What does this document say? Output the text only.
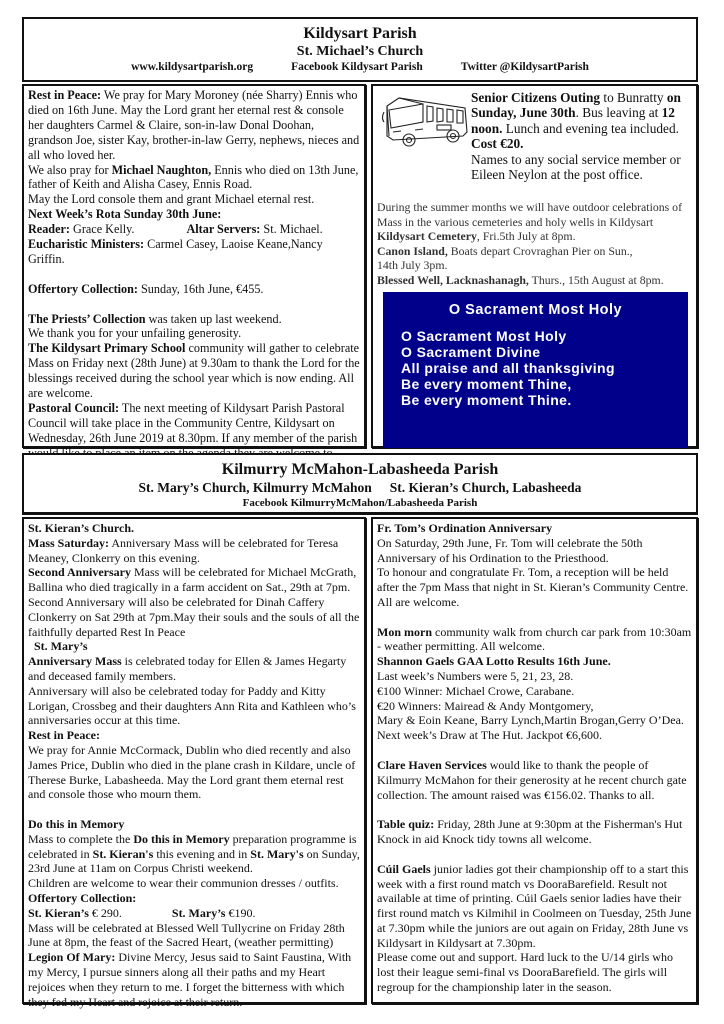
Kildysart Parish
St. Michael’s Church
www.kildysartparish.org	Facebook Kildysart Parish	Twitter @KildysartParish

Rest in Peace: We pray for Mary Moroney (née Sharry) Ennis who died on 16th June. May the Lord grant her eternal rest & console her daughters Carmel & Claire, son-in-law Donal Doohan, grandson Joe, sister Kay, brother-in-law Gerry, nephews, nieces and all who loved her.

We also pray for Michael Naughton, Ennis who died on 13th June, father of Keith and Alisha Casey, Ennis Road.

May the Lord console them and grant Michael eternal rest.

Next Week’s Rota Sunday 30th June:

Reader: Grace Kelly.	Altar Servers: St. Michael.

Eucharistic Ministers: Carmel Casey, Laoise Keane,Nancy Griffin.

Offertory Collection: Sunday, 16th June, €455.

The Priests’ Collection was taken up last weekend.

We thank you for your unfailing generosity.

The Kildysart Primary School community will gather to celebrate Mass on Friday next (28th June) at 9.30am to thank the Lord for the blessings received during the school year which is now ending. All are welcome.

Pastoral Council: The next meeting of Kildysart Parish Pastoral Council will take place in the Community Centre, Kildysart on Wednesday, 26th June 2019 at 8.30pm. If any member of the parish

Senior Citizens Outing to Bunratty on Sunday, June 30th. Bus leaving at 12 noon. Lunch and evening tea included. Cost €20.
Names to any social service member or Eileen Neylon at the post office.

During the summer months we will have outdoor celebrations of Mass in the various cemeteries and holy wells in Kildysart

Kildysart Cemetery, Fri.5th July at 8pm.

Canon Island, Boats depart Crovraghan Pier on Sun., 14th July 3pm.

Blessed Well, Lacknashanagh, Thurs., 15th August at 8pm.

O Sacrament Most Holy
O Sacrament Most Holy
O Sacrament Divine
All praise and all thanksgiving
Be every moment Thine,
Be every moment Thine.
Kilmurry McMahon-Labasheeda Parish
St. Mary’s Church, Kilmurry McMahon St. Kieran’s Church, Labasheeda
Facebook KilmurryMcMahon/Labasheeda Parish

St. Kieran’s Church.

Mass Saturday: Anniversary Mass will be celebrated for Teresa Meaney, Clonkerry on this evening.

Second Anniversary Mass will be celebrated for Michael McGrath, Ballina who died tragically in a farm accident on Sat., 29th at 7pm. Second Anniversary will also be celebrated for Dinah Caffery Clonkerry on Sat 29th at 7pm.May their souls and the souls of all the faithfully departed Rest In Peace

St. Mary’s

Anniversary Mass is celebrated today for Ellen & James Hegarty and deceased family members.

Anniversary will also be celebrated today for Paddy and Kitty Lorigan, Crossbeg and their daughters Ann Rita and Kathleen who’s anniversaries occur at this time.

Rest in Peace:

We pray for Annie McCormack, Dublin who died recently and also James Price, Dublin who died in the plane crash in Kildare, uncle of Therese Burke, Labasheeda. May the Lord grant them eternal rest and console those who mourn them.

Do this in Memory

Mass to complete the Do this in Memory preparation programme is celebrated in St. Kieran's this evening and in St. Mary's on Sunday, 23rd June at 11am on Corpus Christi weekend.

Children are welcome to wear their communion dresses / outfits.

Offertory Collection:

St. Kieran’s € 290.	St. Mary’s €190.

Mass will be celebrated at Blessed Well Tullycrine on Friday 28th June at 8pm, the feast of the Sacred Heart, (weather permitting)

Legion Of Mary: Divine Mercy, Jesus said to Saint Faustina, With my Mercy, I pursue sinners along all their paths and my Heart rejoices when they return to me. I forget the bitterness with which they fed my Heart and rejoice at their return.

Fr. Tom’s Ordination Anniversary

On Saturday, 29th June, Fr. Tom will celebrate the 50th Anniversary of his Ordination to the Priesthood.

To honour and congratulate Fr. Tom, a reception will be held after the 7pm Mass that night in St. Kieran’s Community Centre. All are welcome.

Mon morn community walk from church car park from 10:30am - weather permitting. All welcome.

Shannon Gaels GAA Lotto Results 16th June.

Last week’s Numbers were 5, 21, 23, 28.

€100 Winner: Michael Crowe, Carabane.

€20 Winners: Mairead & Andy Montgomery,

Mary & Eoin Keane, Barry Lynch,Martin Brogan,Gerry O’Dea.

Next week’s Draw at The Hut. Jackpot €6,600.

Clare Haven Services would like to thank the people of Kilmurry McMahon for their generosity at he recent church gate collection. The amount raised was €156.02. Thanks to all.

Table quiz: Friday, 28th June at 9:30pm at the Fisherman's Hut Knock in aid Knock tidy towns all welcome.

Cúil Gaels junior ladies got their championship off to a start this week with a first round match vs DooraBarefield. Result not available at time of printing. Cúil Gaels senior ladies have their first round match vs Kilmihil in Coolmeen on Tuesday, 25th June at 7.30pm while the juniors are out again on Friday, 28th June vs Kildysart in Kildysart at 7.30pm.

Please come out and support. Hard luck to the U/14 girls who lost their league semi-final vs DooraBarefield. The girls will regroup for the championship later in the season.
